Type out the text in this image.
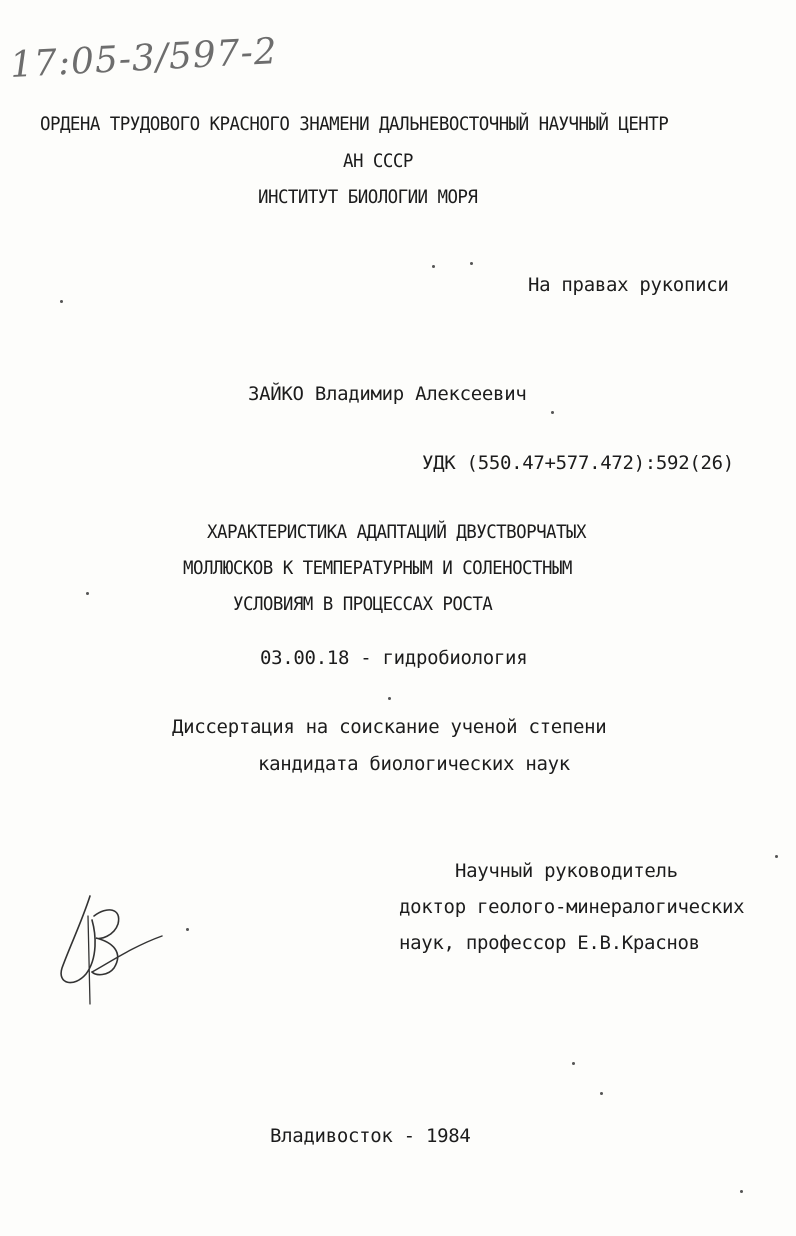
17:05-3/597-2
ОРДЕНА ТРУДОВОГО КРАСНОГО ЗНАМЕНИ ДАЛЬНЕВОСТОЧНЫЙ НАУЧНЫЙ ЦЕНТР
АН СССР
ИНСТИТУТ БИОЛОГИИ МОРЯ
На правах рукописи
ЗАЙКО Владимир Алексеевич
УДК (550.47+577.472):592(26)
ХАРАКТЕРИСТИКА АДАПТАЦИЙ ДВУСТВОРЧАТЫХ
МОЛЛЮСКОВ К ТЕМПЕРАТУРНЫМ И СОЛЕНОСТНЫМ
УСЛОВИЯМ В ПРОЦЕССАХ РОСТА
03.00.18 - гидробиология
Диссертация на соискание ученой степени
кандидата биологических наук
Научный руководитель
доктор геолого-минералогических
наук, профессор Е.В.Краснов
Владивосток - 1984
